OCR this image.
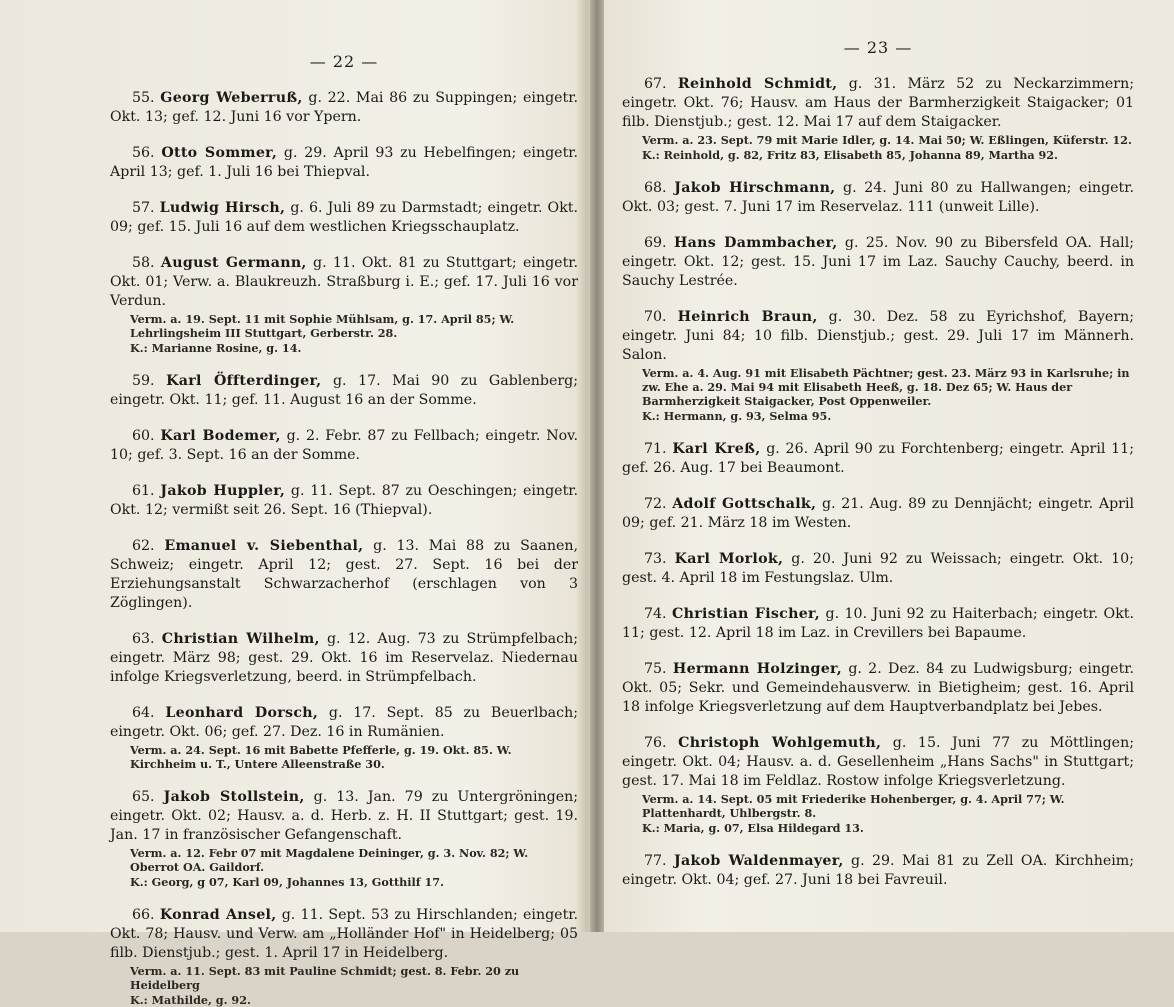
— 22 —

55. Georg Weberruß, g. 22. Mai 86 zu Suppingen; eingetr. Okt. 13; gef. 12. Juni 16 vor Ypern.

56. Otto Sommer, g. 29. April 93 zu Hebelfingen; eingetr. April 13; gef. 1. Juli 16 bei Thiepval.

57. Ludwig Hirsch, g. 6. Juli 89 zu Darmstadt; eingetr. Okt. 09; gef. 15. Juli 16 auf dem westlichen Kriegsschauplatz.

58. August Germann, g. 11. Okt. 81 zu Stuttgart; eingetr. Okt. 01; Verw. a. Blaukreuzh. Straßburg i. E.; gef. 17. Juli 16 vor Verdun.

Verm. a. 19. Sept. 11 mit Sophie Mühlsam, g. 17. April 85; W. Lehrlingsheim III Stuttgart, Gerberstr. 28.
K.: Marianne Rosine, g. 14.

59. Karl Öffterdinger, g. 17. Mai 90 zu Gablenberg; eingetr. Okt. 11; gef. 11. August 16 an der Somme.

60. Karl Bodemer, g. 2. Febr. 87 zu Fellbach; eingetr. Nov. 10; gef. 3. Sept. 16 an der Somme.

61. Jakob Huppler, g. 11. Sept. 87 zu Oeschingen; eingetr. Okt. 12; vermißt seit 26. Sept. 16 (Thiepval).

62. Emanuel v. Siebenthal, g. 13. Mai 88 zu Saanen, Schweiz; eingetr. April 12; gest. 27. Sept. 16 bei der Erziehungsanstalt Schwarzacherhof (erschlagen von 3 Zöglingen).

63. Christian Wilhelm, g. 12. Aug. 73 zu Strümpfelbach; eingetr. März 98; gest. 29. Okt. 16 im Reservelaz. Niedernau infolge Kriegsverletzung, beerd. in Strümpfelbach.

64. Leonhard Dorsch, g. 17. Sept. 85 zu Beuerlbach; eingetr. Okt. 06; gef. 27. Dez. 16 in Rumänien.

Verm. a. 24. Sept. 16 mit Babette Pfefferle, g. 19. Okt. 85. W. Kirchheim u. T., Untere Alleenstraße 30.

65. Jakob Stollstein, g. 13. Jan. 79 zu Untergröningen; eingetr. Okt. 02; Hausv. a. d. Herb. z. H. II Stuttgart; gest. 19. Jan. 17 in französischer Gefangenschaft.

Verm. a. 12. Febr 07 mit Magdalene Deininger, g. 3. Nov. 82; W. Oberrot OA. Gaildorf.
K.: Georg, g 07, Karl 09, Johannes 13, Gotthilf 17.

66. Konrad Ansel, g. 11. Sept. 53 zu Hirschlanden; eingetr. Okt. 78; Hausv. und Verw. am „Holländer Hof" in Heidelberg; 05 filb. Dienstjub.; gest. 1. April 17 in Heidelberg.

Verm. a. 11. Sept. 83 mit Pauline Schmidt; gest. 8. Febr. 20 zu Heidelberg
K.: Mathilde, g. 92.
— 23 —

67. Reinhold Schmidt, g. 31. März 52 zu Neckarzimmern; eingetr. Okt. 76; Hausv. am Haus der Barmherzigkeit Staigacker; 01 filb. Dienstjub.; gest. 12. Mai 17 auf dem Staigacker.

Verm. a. 23. Sept. 79 mit Marie Idler, g. 14. Mai 50; W. Eßlingen, Küferstr. 12.
K.: Reinhold, g. 82, Fritz 83, Elisabeth 85, Johanna 89, Martha 92.

68. Jakob Hirschmann, g. 24. Juni 80 zu Hallwangen; eingetr. Okt. 03; gest. 7. Juni 17 im Reservelaz. 111 (unweit Lille).

69. Hans Dammbacher, g. 25. Nov. 90 zu Bibersfeld OA. Hall; eingetr. Okt. 12; gest. 15. Juni 17 im Laz. Sauchy Cauchy, beerd. in Sauchy Lestrée.

70. Heinrich Braun, g. 30. Dez. 58 zu Eyrichshof, Bayern; eingetr. Juni 84; 10 filb. Dienstjub.; gest. 29. Juli 17 im Männerh. Salon.

Verm. a. 4. Aug. 91 mit Elisabeth Pächtner; gest. 23. März 93 in Karlsruhe; in zw. Ehe a. 29. Mai 94 mit Elisabeth Heeß, g. 18. Dez 65; W. Haus der Barmherzigkeit Staigacker, Post Oppenweiler.
K.: Hermann, g. 93, Selma 95.

71. Karl Kreß, g. 26. April 90 zu Forchtenberg; eingetr. April 11; gef. 26. Aug. 17 bei Beaumont.

72. Adolf Gottschalk, g. 21. Aug. 89 zu Dennjächt; eingetr. April 09; gef. 21. März 18 im Westen.

73. Karl Morlok, g. 20. Juni 92 zu Weissach; eingetr. Okt. 10; gest. 4. April 18 im Festungslaz. Ulm.

74. Christian Fischer, g. 10. Juni 92 zu Haiterbach; eingetr. Okt. 11; gest. 12. April 18 im Laz. in Crevillers bei Bapaume.

75. Hermann Holzinger, g. 2. Dez. 84 zu Ludwigsburg; eingetr. Okt. 05; Sekr. und Gemeindehausverw. in Bietigheim; gest. 16. April 18 infolge Kriegsverletzung auf dem Hauptverbandplatz bei Jebes.

76. Christoph Wohlgemuth, g. 15. Juni 77 zu Möttlingen; eingetr. Okt. 04; Hausv. a. d. Gesellenheim „Hans Sachs" in Stuttgart; gest. 17. Mai 18 im Feldlaz. Rostow infolge Kriegsverletzung.

Verm. a. 14. Sept. 05 mit Friederike Hohenberger, g. 4. April 77; W. Plattenhardt, Uhlbergstr. 8.
K.: Maria, g. 07, Elsa Hildegard 13.

77. Jakob Waldenmayer, g. 29. Mai 81 zu Zell OA. Kirchheim; eingetr. Okt. 04; gef. 27. Juni 18 bei Favreuil.
